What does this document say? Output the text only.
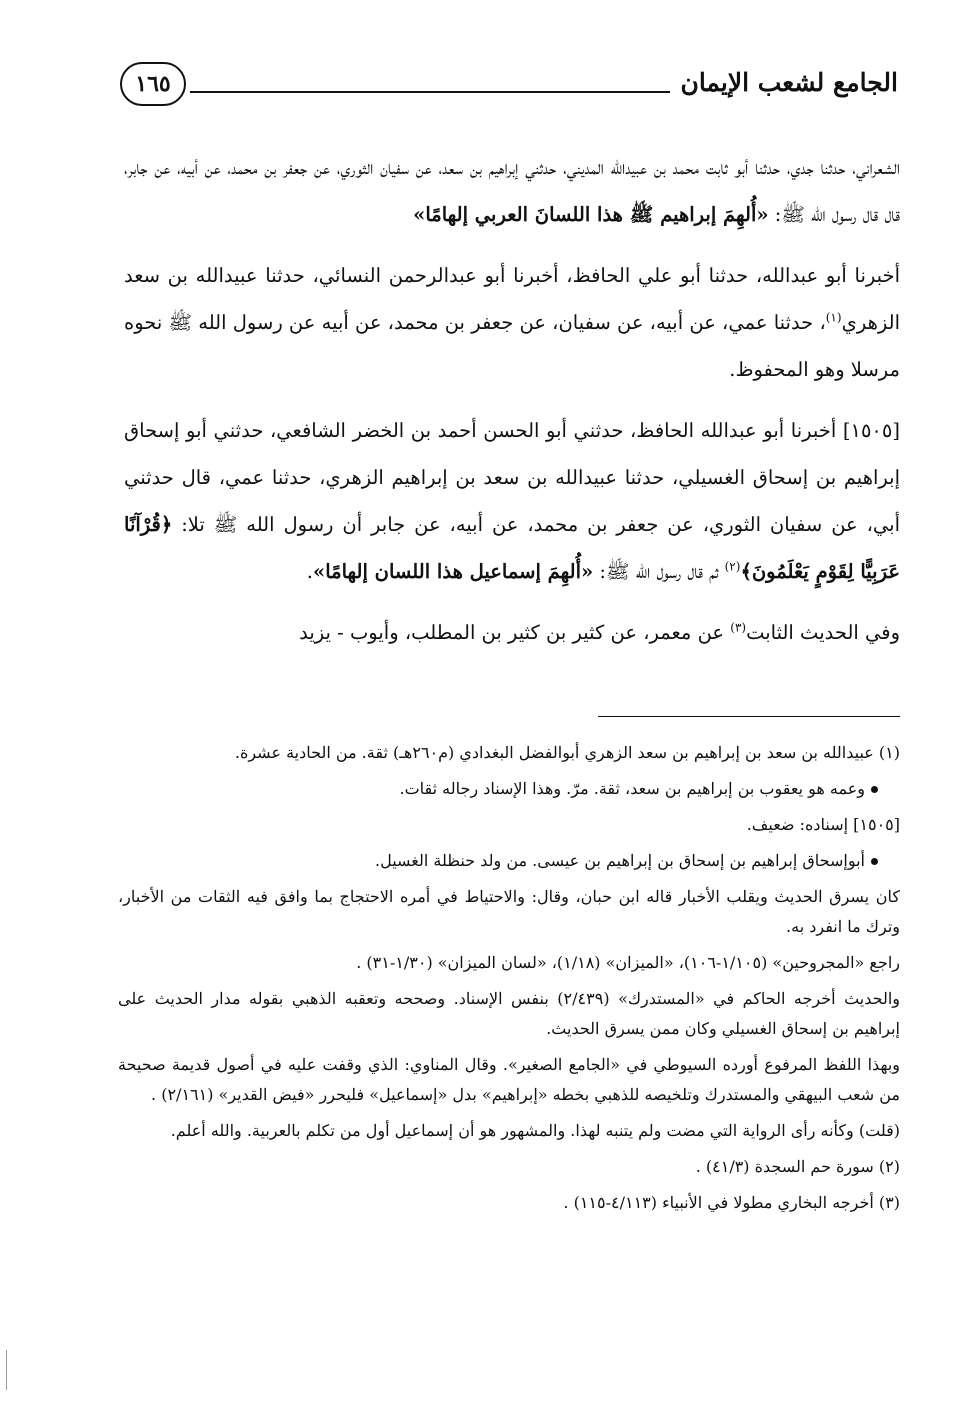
الجامع لشعب الإيمان
١٦٥

الشعراني، حدثنا جدي، حدثنا أبو ثابت محمد بن عبيدالله المديني، حدثني إبراهيم بن سعد، عن سفيان الثوري، عن جعفر بن محمد، عن أبيه، عن جابر، قال قال رسول الله ﷺ: «أُلهِمَ إبراهيم ﷺ هذا اللسانَ العربي إلهامًا»

أخبرنا أبو عبدالله، حدثنا أبو علي الحافظ، أخبرنا أبو عبدالرحمن النسائي، حدثنا عبيدالله بن سعد الزهري$^{(١)}$، حدثنا عمي، عن أبيه، عن سفيان، عن جعفر بن محمد، عن أبيه عن رسول الله ﷺ نحوه مرسلا وهو المحفوظ.

[١٥٠٥] أخبرنا أبو عبدالله الحافظ، حدثني أبو الحسن أحمد بن الخضر الشافعي، حدثني أبو إسحاق إبراهيم بن إسحاق الغسيلي، حدثنا عبيدالله بن سعد بن إبراهيم الزهري، حدثنا عمي، قال حدثني أبي، عن سفيان الثوري، عن جعفر بن محمد، عن أبيه، عن جابر أن رسول الله ﷺ تلا: ﴿قُرْآنًا عَرَبِيًّا لِقَوْمٍ يَعْلَمُونَ﴾$^{(٢)}$ ثم قال رسول الله ﷺ: «أُلهِمَ إسماعيل هذا اللسان إلهامًا».

وفي الحديث الثابت$^{(٣)}$ عن معمر، عن كثير بن كثير بن المطلب، وأيوب - يزيد

(١) عبيدالله بن سعد بن إبراهيم بن سعد الزهري أبوالفضل البغدادي (م٢٦٠هـ) ثقة. من الحادية عشرة.

وعمه هو يعقوب بن إبراهيم بن سعد، ثقة. مرّ. وهذا الإسناد رجاله ثقات.

[١٥٠٥] إسناده: ضعيف.

أبوإسحاق إبراهيم بن إسحاق بن إبراهيم بن عيسى. من ولد حنظلة الغسيل.

كان يسرق الحديث ويقلب الأخبار قاله ابن حبان، وقال: والاحتياط في أمره الاحتجاج بما وافق فيه الثقات من الأخبار، وترك ما انفرد به.

راجع «المجروحين» (١/١٠٥-١٠٦)، «الميزان» (١/١٨)، «لسان الميزان» (١/٣٠-٣١) .

والحديث أخرجه الحاكم في «المستدرك» (٢/٤٣٩) بنفس الإسناد. وصححه وتعقبه الذهبي بقوله مدار الحديث على إبراهيم بن إسحاق الغسيلي وكان ممن يسرق الحديث.

وبهذا اللفظ المرفوع أورده السيوطي في «الجامع الصغير». وقال المناوي: الذي وقفت عليه في أصول قديمة صحيحة من شعب البيهقي والمستدرك وتلخيصه للذهبي بخطه «إبراهيم» بدل «إسماعيل» فليحرر «فيض القدير» (٢/١٦١) .

(قلت) وكأنه رأى الرواية التي مضت ولم يتنبه لهذا. والمشهور هو أن إسماعيل أول من تكلم بالعربية. والله أعلم.

(٢) سورة حم السجدة (٤١/٣) .

(٣) أخرجه البخاري مطولا في الأنبياء (٤/١١٣-١١٥) .
